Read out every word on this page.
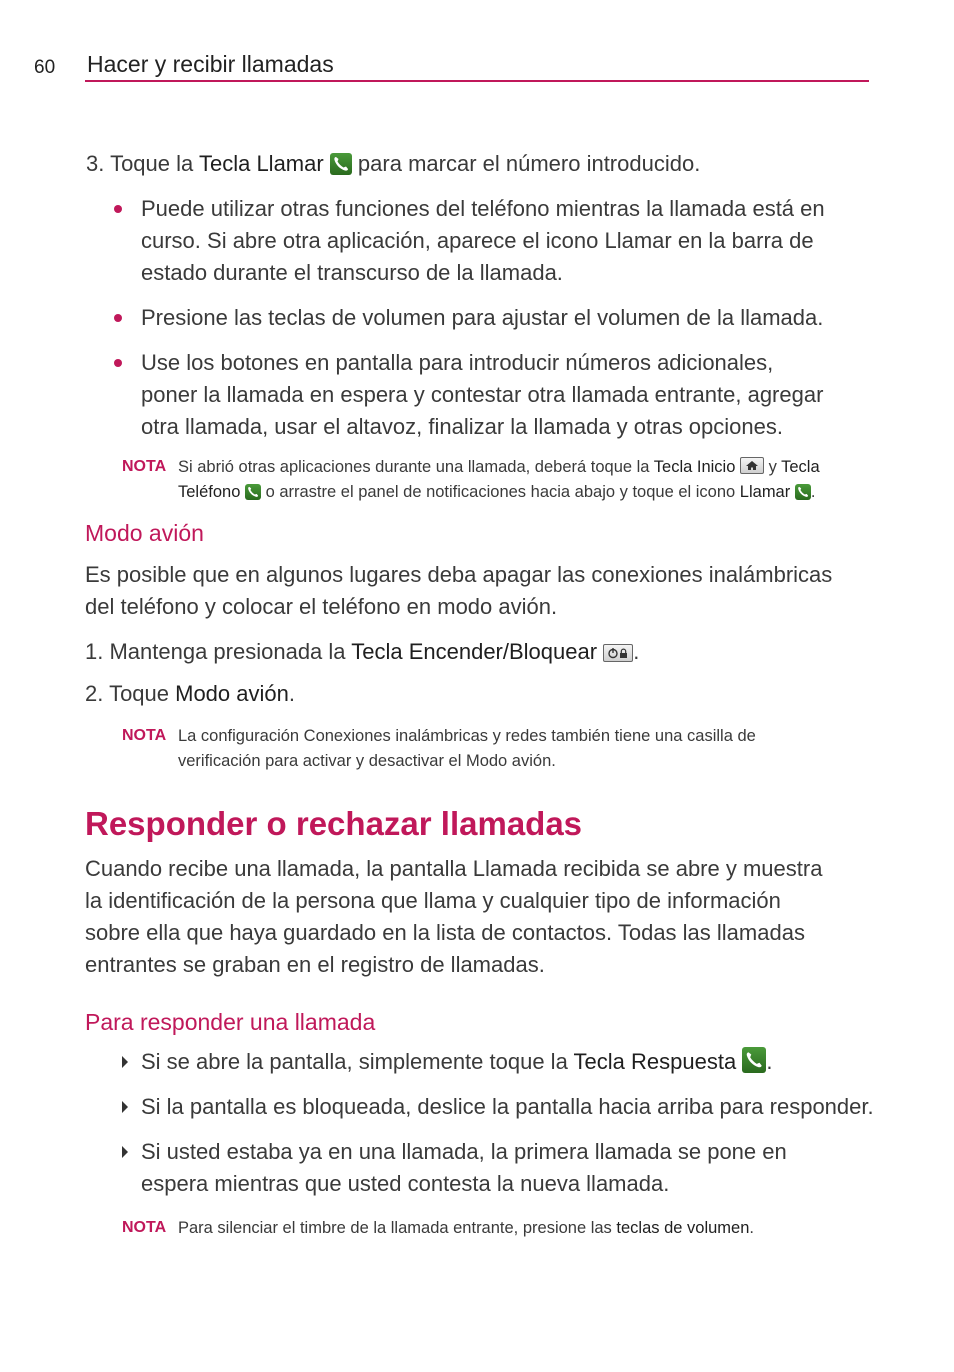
60 Hacer y recibir llamadas
3. Toque la Tecla Llamar
para marcar el número introducido.
Puede utilizar otras funciones del teléfono mientras la llamada está en
curso. Si abre otra aplicación, aparece el icono Llamar en la barra de
estado durante el transcurso de la llamada.
Presione las teclas de volumen para ajustar el volumen de la llamada.
Use los botones en pantalla para introducir números adicionales,
poner la llamada en espera y contestar otra llamada entrante, agregar
otra llamada, usar el altavoz, finalizar la llamada y otras opciones.
NOTA Si abrió otras aplicaciones durante una llamada, deberá toque la Tecla Inicio
y Tecla
Teléfono
o arrastre el panel de notificaciones hacia abajo y toque el icono Llamar .
Modo avión
Es posible que en algunos lugares deba apagar las conexiones inalámbricas
del teléfono y colocar el teléfono en modo avión.
1. Mantenga presionada la Tecla Encender/Bloquear .
2. Toque Modo avión.
NOTA La configuración Conexiones inalámbricas y redes también tiene una casilla de
verificación para activar y desactivar el Modo avión.
Responder o rechazar llamadas
Cuando recibe una llamada, la pantalla Llamada recibida se abre y muestra
la identificación de la persona que llama y cualquier tipo de información
sobre ella que haya guardado en la lista de contactos. Todas las llamadas
entrantes se graban en el registro de llamadas.
Para responder una llamada
Si se abre la pantalla, simplemente toque la Tecla Respuesta .
Si la pantalla es bloqueada, deslice la pantalla hacia arriba para responder.
Si usted estaba ya en una llamada, la primera llamada se pone en
espera mientras que usted contesta la nueva llamada.
NOTA Para silenciar el timbre de la llamada entrante, presione las teclas de volumen.
